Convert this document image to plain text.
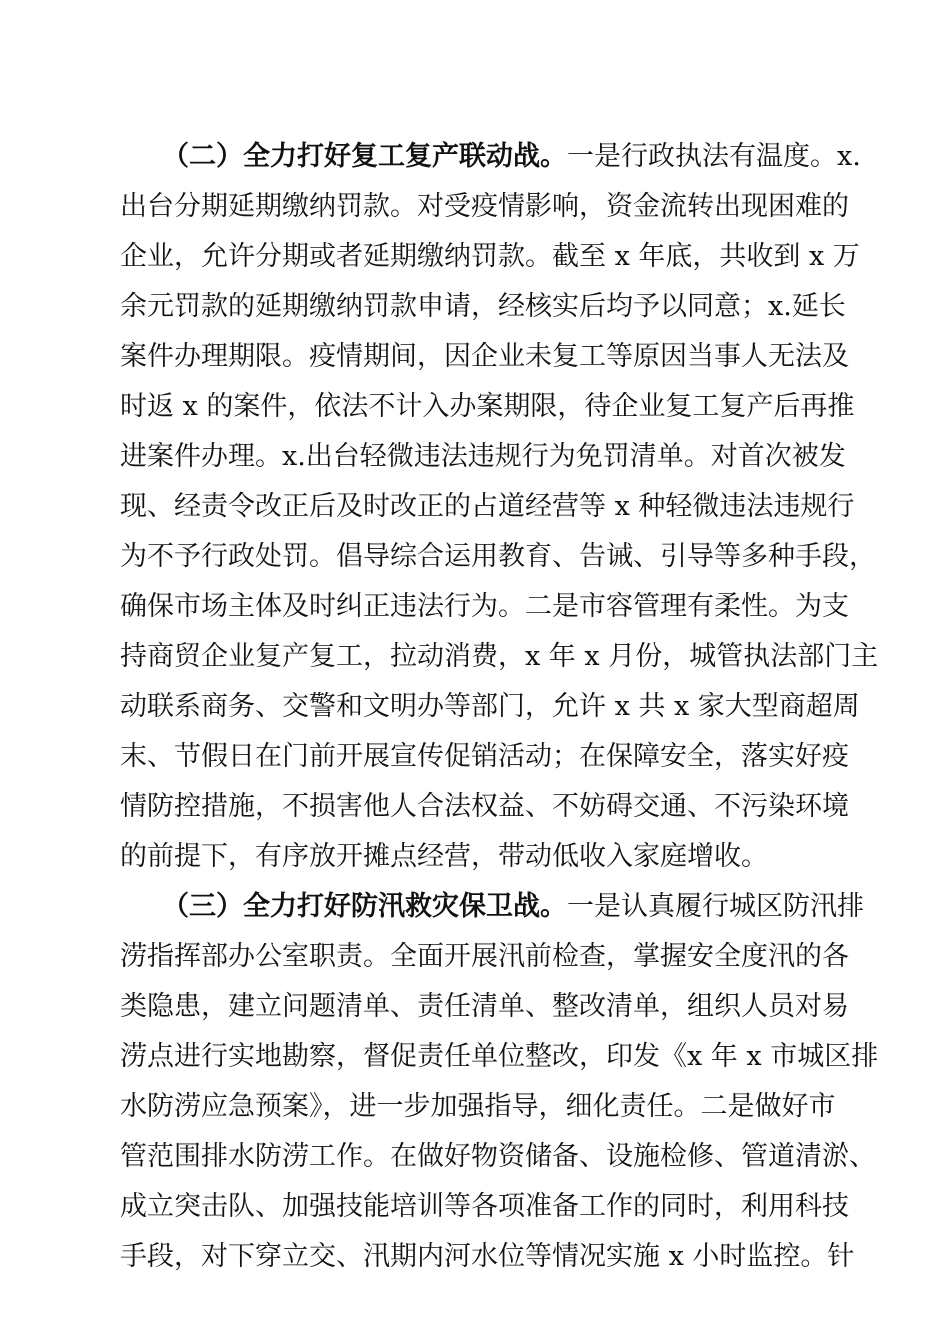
（二）全力打好复工复产联动战。一是行政执法有温度。x.
出台分期延期缴纳罚款。对受疫情影响，资金流转出现困难的
企业，允许分期或者延期缴纳罚款。截至 x 年底，共收到 x 万
余元罚款的延期缴纳罚款申请，经核实后均予以同意；x.延长
案件办理期限。疫情期间，因企业未复工等原因当事人无法及
时返 x 的案件，依法不计入办案期限，待企业复工复产后再推
进案件办理。x.出台轻微违法违规行为免罚清单。对首次被发
现、经责令改正后及时改正的占道经营等 x 种轻微违法违规行
为不予行政处罚。倡导综合运用教育、告诫、引导等多种手段，
确保市场主体及时纠正违法行为。二是市容管理有柔性。为支
持商贸企业复产复工，拉动消费，x 年 x 月份，城管执法部门主
动联系商务、交警和文明办等部门，允许 x 共 x 家大型商超周
末、节假日在门前开展宣传促销活动；在保障安全，落实好疫
情防控措施，不损害他人合法权益、不妨碍交通、不污染环境
的前提下，有序放开摊点经营，带动低收入家庭增收。
（三）全力打好防汛救灾保卫战。一是认真履行城区防汛排
涝指挥部办公室职责。全面开展汛前检查，掌握安全度汛的各
类隐患，建立问题清单、责任清单、整改清单，组织人员对易
涝点进行实地勘察，督促责任单位整改，印发《x 年 x 市城区排
水防涝应急预案》，进一步加强指导，细化责任。二是做好市
管范围排水防涝工作。在做好物资储备、设施检修、管道清淤、
成立突击队、加强技能培训等各项准备工作的同时，利用科技
手段，对下穿立交、汛期内河水位等情况实施 x 小时监控。针
